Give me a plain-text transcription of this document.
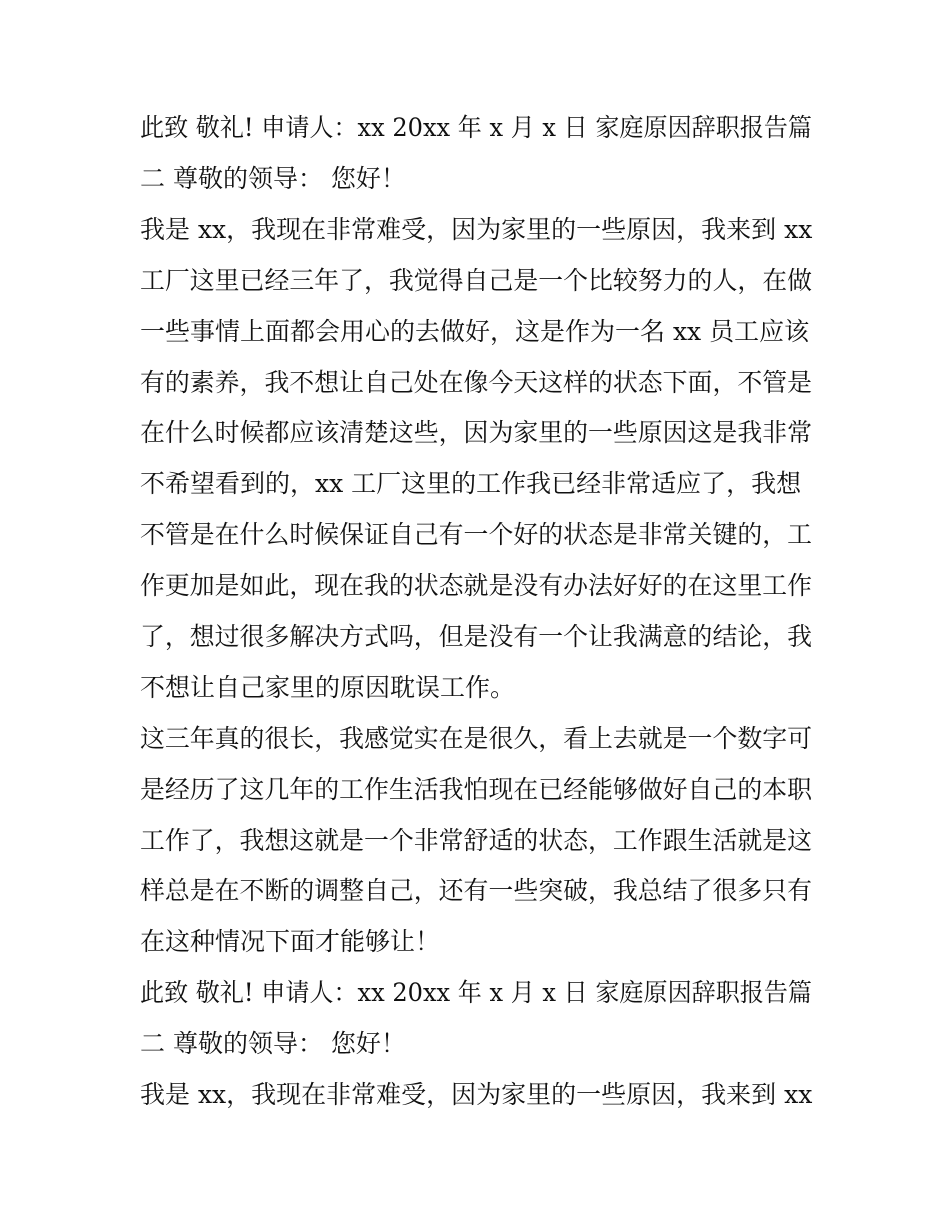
此致 敬礼! 申请人：xx 20xx 年 x 月 x 日 家庭原因辞职报告篇
二 尊敬的领导： 您好！
我是 xx，我现在非常难受，因为家里的一些原因，我来到 xx
工厂这里已经三年了，我觉得自己是一个比较努力的人，在做
一些事情上面都会用心的去做好，这是作为一名 xx 员工应该
有的素养，我不想让自己处在像今天这样的状态下面，不管是
在什么时候都应该清楚这些，因为家里的一些原因这是我非常
不希望看到的，xx 工厂这里的工作我已经非常适应了，我想
不管是在什么时候保证自己有一个好的状态是非常关键的，工
作更加是如此，现在我的状态就是没有办法好好的在这里工作
了，想过很多解决方式吗，但是没有一个让我满意的结论，我
不想让自己家里的原因耽误工作。
这三年真的很长，我感觉实在是很久，看上去就是一个数字可
是经历了这几年的工作生活我怕现在已经能够做好自己的本职
工作了，我想这就是一个非常舒适的状态，工作跟生活就是这
样总是在不断的调整自己，还有一些突破，我总结了很多只有
在这种情况下面才能够让！
此致 敬礼! 申请人：xx 20xx 年 x 月 x 日 家庭原因辞职报告篇
二 尊敬的领导： 您好！
我是 xx，我现在非常难受，因为家里的一些原因，我来到 xx
